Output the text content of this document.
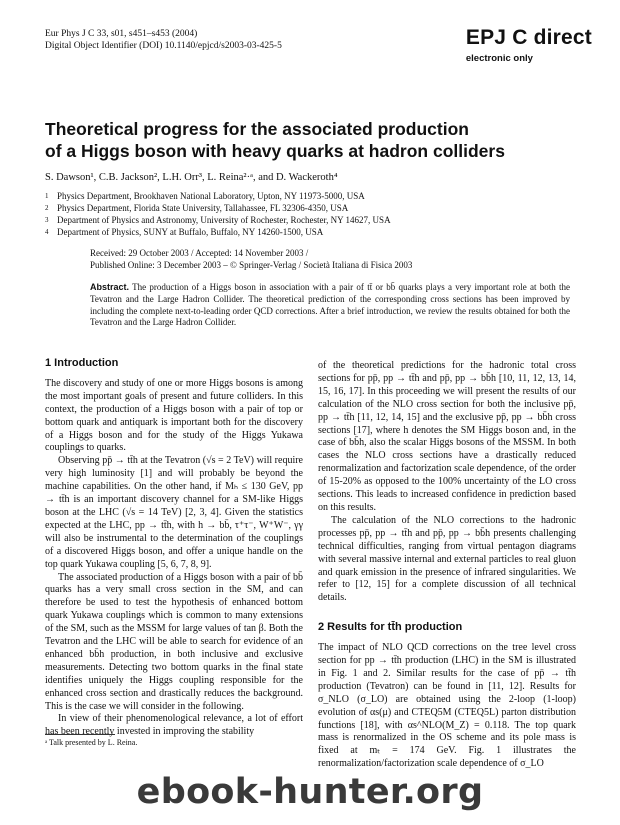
Eur Phys J C 33, s01, s451–s453 (2004)
Digital Object Identifier (DOI) 10.1140/epjcd/s2003-03-425-5	EPJ C direct
electronic only
Theoretical progress for the associated production
of a Higgs boson with heavy quarks at hadron colliders
S. Dawson¹, C.B. Jackson², L.H. Orr³, L. Reina²·ᵃ, and D. Wackeroth⁴
1 Physics Department, Brookhaven National Laboratory, Upton, NY 11973-5000, USA
2 Physics Department, Florida State University, Tallahassee, FL 32306-4350, USA
3 Department of Physics and Astronomy, University of Rochester, Rochester, NY 14627, USA
4 Department of Physics, SUNY at Buffalo, Buffalo, NY 14260-1500, USA
Received: 29 October 2003 / Accepted: 14 November 2003 /
Published Online: 3 December 2003 – © Springer-Verlag / Società Italiana di Fisica 2003
Abstract. The production of a Higgs boson in association with a pair of tt̄ or bb̄ quarks plays a very important role at both the Tevatron and the Large Hadron Collider. The theoretical prediction of the corresponding cross sections has been improved by including the complete next-to-leading order QCD corrections. After a brief introduction, we review the results obtained for both the Tevatron and the Large Hadron Collider.
1 Introduction

The discovery and study of one or more Higgs bosons is among the most important goals of present and future colliders. In this context, the production of a Higgs boson with a pair of top or bottom quark and antiquark is important both for the discovery of a Higgs boson and for the study of the Higgs Yukawa couplings to quarks.

Observing pp̄ → tt̄h at the Tevatron (√s = 2 TeV) will require very high luminosity [1] and will probably be beyond the machine capabilities. On the other hand, if Mₕ ≤ 130 GeV, pp → tt̄h is an important discovery channel for a SM-like Higgs boson at the LHC (√s = 14 TeV) [2, 3, 4]. Given the statistics expected at the LHC, pp → tt̄h, with h → bb̄, τ⁺τ⁻, W⁺W⁻, γγ will also be instrumental to the determination of the couplings of a discovered Higgs boson, and offer a unique handle on the top quark Yukawa coupling [5, 6, 7, 8, 9].

The associated production of a Higgs boson with a pair of bb̄ quarks has a very small cross section in the SM, and can therefore be used to test the hypothesis of enhanced bottom quark Yukawa couplings which is common to many extensions of the SM, such as the MSSM for large values of tan β. Both the Tevatron and the LHC will be able to search for evidence of an enhanced bb̄h production, in both inclusive and exclusive measurements. Detecting two bottom quarks in the final state identifies uniquely the Higgs coupling responsible for the enhanced cross section and drastically reduces the background. This is the case we will consider in the following.

In view of their phenomenological relevance, a lot of effort has been recently invested in improving the stability

of the theoretical predictions for the hadronic total cross sections for pp̄, pp → tt̄h and pp̄, pp → bb̄h [10, 11, 12, 13, 14, 15, 16, 17]. In this proceeding we will present the results of our calculation of the NLO cross section for both the inclusive pp̄, pp → tt̄h [11, 12, 14, 15] and the exclusive pp̄, pp → bb̄h cross sections [17], where h denotes the SM Higgs boson and, in the case of bb̄h, also the scalar Higgs bosons of the MSSM. In both cases the NLO cross sections have a drastically reduced renormalization and factorization scale dependence, of the order of 15-20% as opposed to the 100% uncertainty of the LO cross sections. This leads to increased confidence in prediction based on this results.

The calculation of the NLO corrections to the hadronic processes pp̄, pp → tt̄h and pp̄, pp → bb̄h presents challenging technical difficulties, ranging from virtual pentagon diagrams with several massive internal and external particles to real gluon and quark emission in the presence of infrared singularities. We refer to [12, 15] for a complete discussion of all technical details.

2 Results for tt̄h production

The impact of NLO QCD corrections on the tree level cross section for pp → tt̄h production (LHC) in the SM is illustrated in Fig. 1 and 2. Similar results for the case of pp̄ → tt̄h production (Tevatron) can be found in [11, 12]. Results for σ_NLO (σ_LO) are obtained using the 2-loop (1-loop) evolution of αs(μ) and CTEQ5M (CTEQ5L) parton distribution functions [18], with αs^NLO(M_Z) = 0.118. The top quark mass is renormalized in the OS scheme and its pole mass is fixed at mₜ = 174 GeV. Fig. 1 illustrates the renormalization/factorization scale dependence of σ_LO

ᵃ Talk presented by L. Reina.
ebook-hunter.org
